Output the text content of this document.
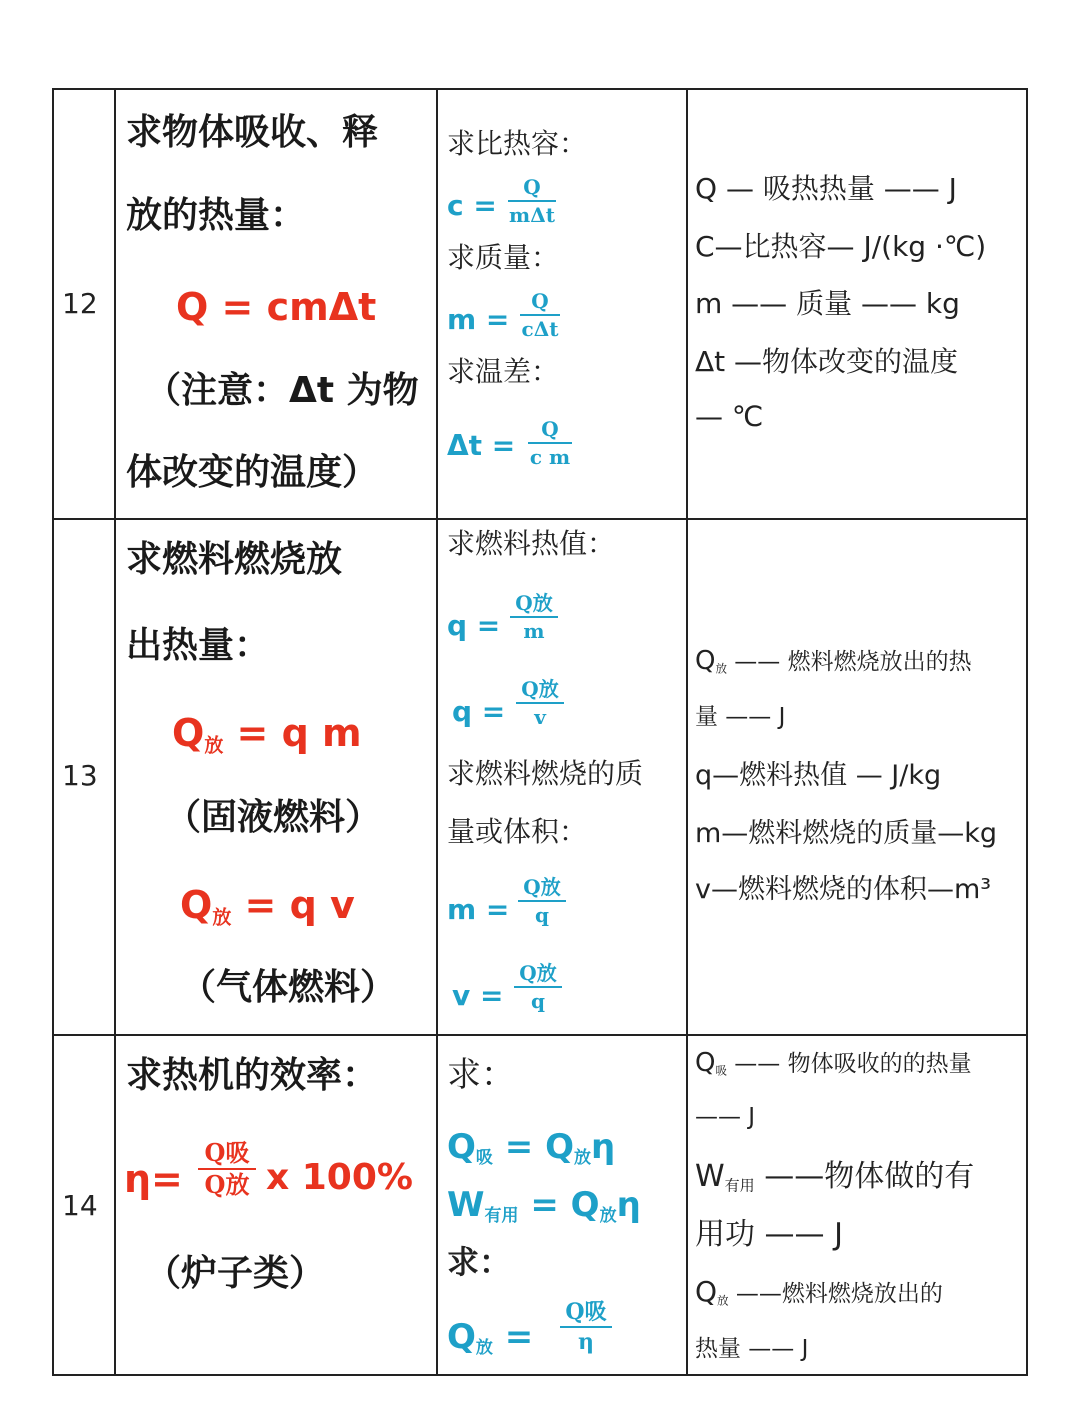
12
求物体吸收、释
放的热量：
Q = cmΔt
（注意：Δt 为物
体改变的温度）
求比热容：
c =
Q
mΔt
求质量：
m =
Q
cΔt
求温差：
Δt =	Q
c m
Q — 吸热热量 —— J
C—比热容— J/(kg ·℃)
m —— 质量 —— kg
Δt —物体改变的温度
— ℃
13
求燃料燃烧放
出热量：
$Q_放 = q$ m
（固液燃料）
$Q_放 = q$ v
（气体燃料）
求燃料热值：
q =
Q放
m
q =
Q放
v
求燃料燃烧的质
量或体积：
m =
Q放
q
v =
Q放
q
$Q_放$ —— 燃料燃烧放出的热
量 —— J
q—燃料热值 — J/kg
m—燃料燃烧的质量—kg
v—燃料燃烧的体积—m³
14
求热机的效率：
η=
Q吸
Q放 x 100%
（炉子类）
求：
$Q_吸 = Q_放\eta$
$W_{有用} = Q_放\eta$
求：
$Q_放$ =
Q吸
η
$Q_吸$ —— 物体吸收的的热量
—— J
$W_{有用}$ ——物体做的有
用功 —— J
$Q_放$ ——燃料燃烧放出的
热量 —— J
